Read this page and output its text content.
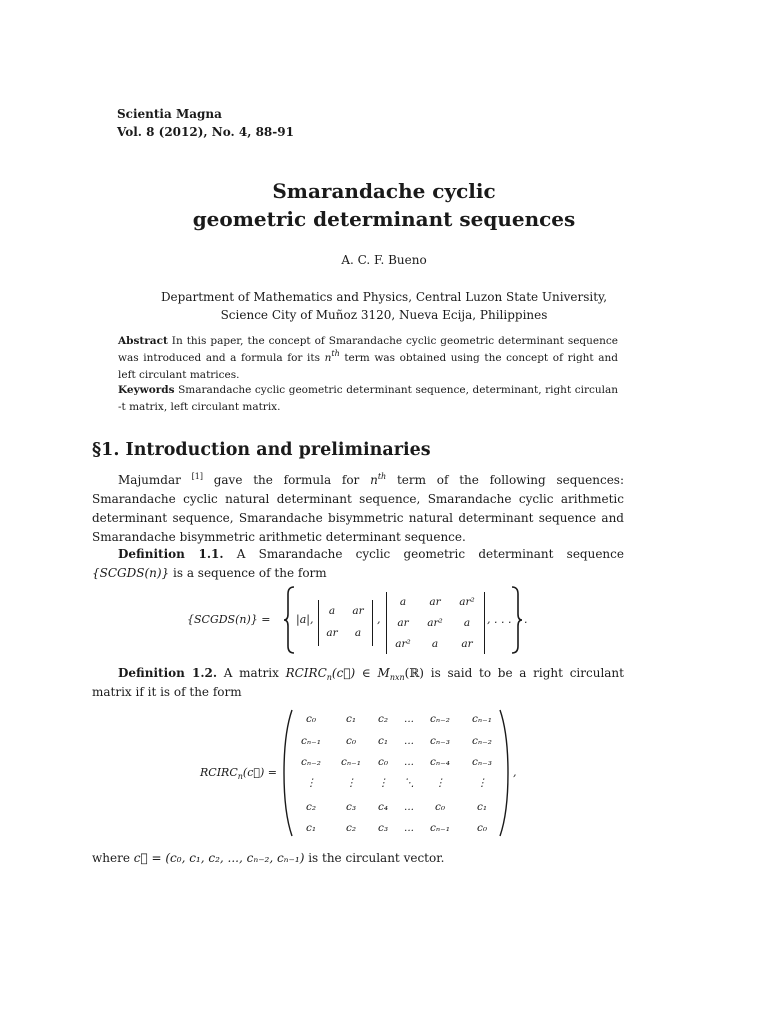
Scientia Magna
Vol. 8 (2012), No. 4, 88-91
Smarandache cyclic
geometric determinant sequences
A. C. F. Bueno
Department of Mathematics and Physics, Central Luzon State University,
Science City of Muñoz 3120, Nueva Ecija, Philippines
Abstract In this paper, the concept of Smarandache cyclic geometric determinant sequence was introduced and a formula for its $n^{th}$ term was obtained using the concept of right and left circulant matrices.
Keywords Smarandache cyclic geometric determinant sequence, determinant, right circulan -t matrix, left circulant matrix.
§1. Introduction and preliminaries
Majumdar [1] gave the formula for $n^{th}$ term of the following sequences: Smarandache cyclic natural determinant sequence, Smarandache cyclic arithmetic determinant sequence, Smarandache bisymmetric natural determinant sequence and Smarandache bisymmetric arithmetic determinant sequence.
Definition 1.1. A Smarandache cyclic geometric determinant sequence {SCGDS(n)} is a sequence of the form
{SCGDS(n)} = |a|,
a	ar
ar	a
,
a	ar	ar²
ar	ar²	a
ar²	a	ar
, . . . .
Definition 1.2. A matrix $RCIRC_n(c⃗)$ ∈ $M_{nxn}(ℝ)$ is said to be a right circulant matrix if it is of the form
$RCIRC_n(c⃗)$ =
c₀	c₁	c₂	...	cₙ₋₂	cₙ₋₁
cₙ₋₁	c₀	c₁	...	cₙ₋₃	cₙ₋₂
cₙ₋₂	cₙ₋₁	c₀	...	cₙ₋₄	cₙ₋₃
⋮	⋮	⋮	⋱	⋮	⋮
c₂	c₃	c₄	...	c₀	c₁
c₁	c₂	c₃	...	cₙ₋₁	c₀
,
where c⃗ = (c₀, c₁, c₂, ..., cₙ₋₂, cₙ₋₁) is the circulant vector.
